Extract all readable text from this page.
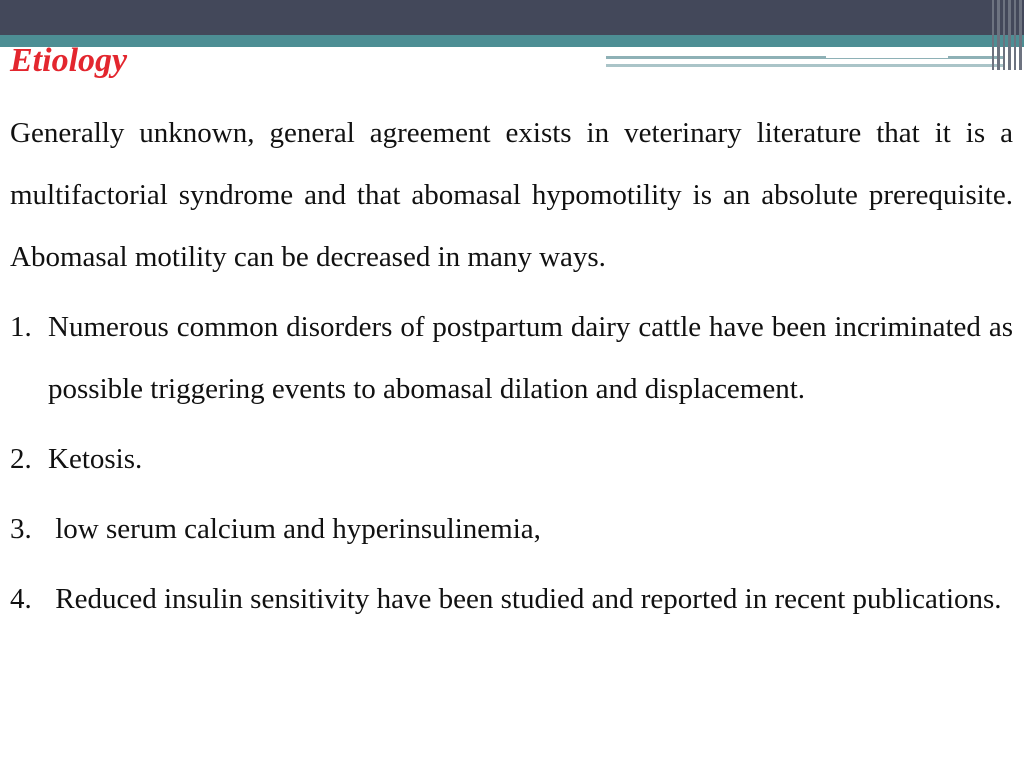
Etiology

Generally unknown, general agreement exists in veterinary literature that it is a multifactorial syndrome and that abomasal hypomotility is an absolute prerequisite. Abomasal motility can be decreased in many ways.

1. Numerous common disorders of postpartum dairy cattle have been incriminated as possible triggering events to abomasal dilation and displacement.
2. Ketosis.
3. low serum calcium and hyperinsulinemia,
4. Reduced insulin sensitivity have been studied and reported in recent publications.
